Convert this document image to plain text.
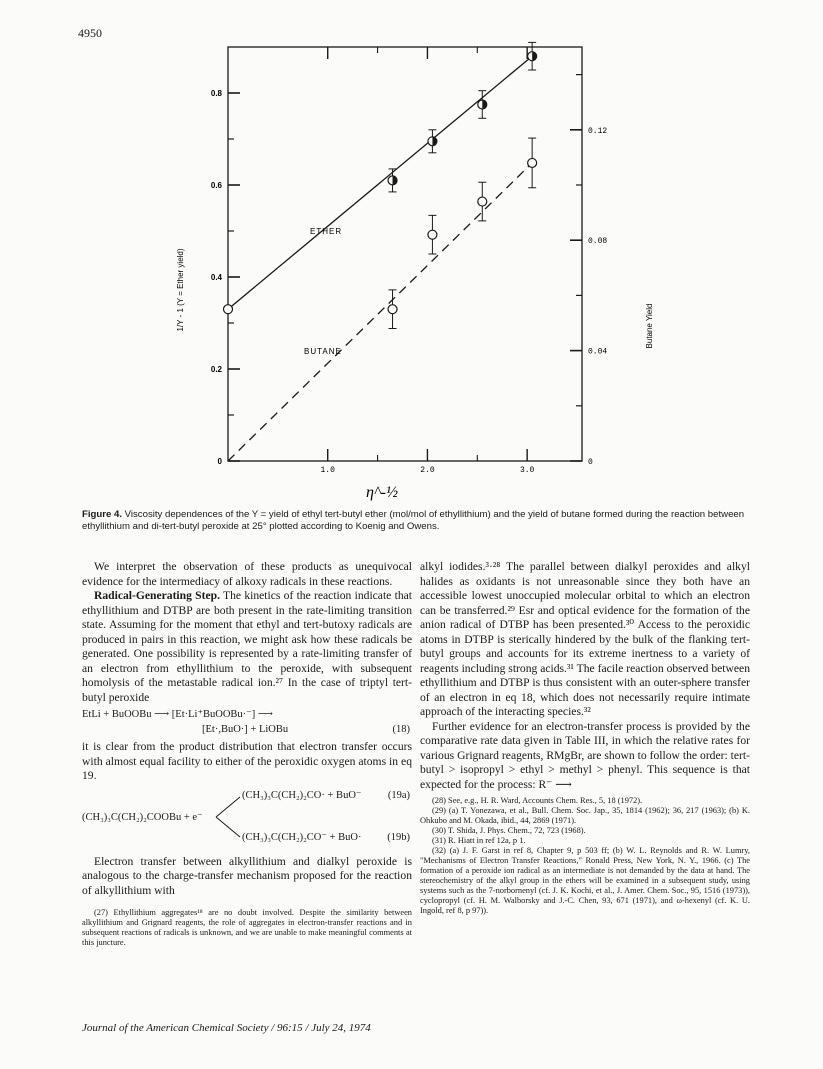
4950
0
0.2
0.4
0.6
0.8
0
0.04
0.08
0.12
1.0	2.0	3.0
ETHER
BUTANE
1/Y - 1 (Y = Ether yield)	Butane Yield
η^-½
Figure 4. Viscosity dependences of the Y = yield of ethyl tert-butyl ether (mol/mol of ethyllithium) and the yield of butane formed during the reaction between ethyllithium and di-tert-butyl peroxide at 25° plotted according to Koenig and Owens.

We interpret the observation of these products as unequivocal evidence for the intermediacy of alkoxy radicals in these reactions.

Radical-Generating Step. The kinetics of the reaction indicate that ethyllithium and DTBP are both present in the rate-limiting transition state. Assuming for the moment that ethyl and tert-butoxy radicals are produced in pairs in this reaction, we might ask how these radicals be generated. One possibility is represented by a rate-limiting transfer of an electron from ethyllithium to the peroxide, with subsequent homolysis of the metastable radical ion.²⁷ In the case of triptyl tert-butyl peroxide

EtLi + BuOOBu ⟶ [Et·Li⁺BuOOBu·⁻] ⟶
[Et·,BuO·] + LiOBu	(18)

it is clear from the product distribution that electron transfer occurs with almost equal facility to either of the peroxidic oxygen atoms in eq 19.

(CH₃)₃C(CH₂)₂CO· + BuO⁻	(19a)
(CH₃)₃C(CH₂)₂COOBu + e⁻
(CH₃)₃C(CH₂)₂CO⁻ + BuO· (19b)

Electron transfer between alkyllithium and dialkyl peroxide is analogous to the charge-transfer mechanism proposed for the reaction of alkyllithium with

(27) Ethyllithium aggregates¹⁸ are no doubt involved. Despite the similarity between alkyllithium and Grignard reagents, the role of aggregates in electron-transfer reactions and in subsequent reactions of radicals is unknown, and we are unable to make meaningful comments at this juncture.

alkyl iodides.³·²⁸ The parallel between dialkyl peroxides and alkyl halides as oxidants is not unreasonable since they both have an accessible lowest unoccupied molecular orbital to which an electron can be transferred.²⁹ Esr and optical evidence for the formation of the anion radical of DTBP has been presented.³⁰ Access to the peroxidic atoms in DTBP is sterically hindered by the bulk of the flanking tert-butyl groups and accounts for its extreme inertness to a variety of reagents including strong acids.³¹ The facile reaction observed between ethyllithium and DTBP is thus consistent with an outer-sphere transfer of an electron in eq 18, which does not necessarily require intimate approach of the interacting species.³²

Further evidence for an electron-transfer process is provided by the comparative rate data given in Table III, in which the relative rates for various Grignard reagents, RMgBr, are shown to follow the order: tert-butyl > isopropyl > ethyl > methyl > phenyl. This sequence is that expected for the process: R⁻ ⟶

(28) See, e.g., H. R. Ward, Accounts Chem. Res., 5, 18 (1972).
(29) (a) T. Yonezawa, et al., Bull. Chem. Soc. Jap., 35, 1814 (1962); 36, 217 (1963); (b) K. Ohkubo and M. Okada, ibid., 44, 2869 (1971).
(30) T. Shida, J. Phys. Chem., 72, 723 (1968).
(31) R. Hiatt in ref 12a, p 1.
(32) (a) J. F. Garst in ref 8, Chapter 9, p 503 ff; (b) W. L. Reynolds and R. W. Lumry, "Mechanisms of Electron Transfer Reactions," Ronald Press, New York, N. Y., 1966. (c) The formation of a peroxide ion radical as an intermediate is not demanded by the data at hand. The stereochemistry of the alkyl group in the ethers will be examined in a subsequent study, using systems such as the 7-norbornenyl (cf. J. K. Kochi, et al., J. Amer. Chem. Soc., 95, 1516 (1973)), cyclopropyl (cf. H. M. Walborsky and J.-C. Chen, 93, 671 (1971), and ω-hexenyl (cf. K. U. Ingold, ref 8, p 97)).
Journal of the American Chemical Society / 96:15 / July 24, 1974
